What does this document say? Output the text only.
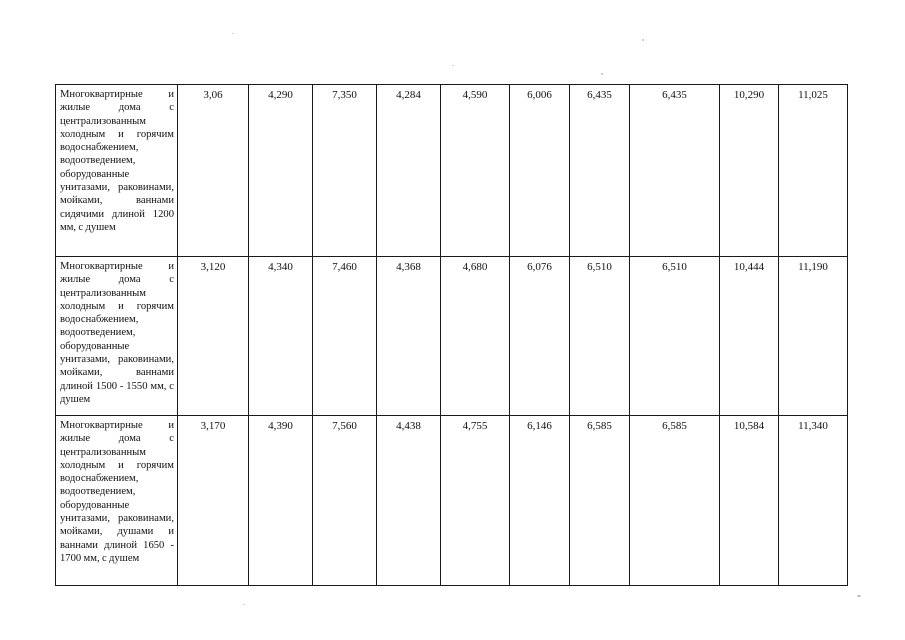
Многоквартирные и жилые дома с централизованным холодным и горячим водоснабжением, водоотведением, оборудованные унитазами, раковинами, мойками, ваннами сидячими длиной 1200 мм, с душем	3,06	4,290	7,350	4,284	4,590	6,006	6,435	6,435	10,290	11,025
Многоквартирные и жилые дома с централизованным холодным и горячим водоснабжением, водоотведением, оборудованные унитазами, раковинами, мойками, ваннами длиной 1500 - 1550 мм, с душем	3,120	4,340	7,460	4,368	4,680	6,076	6,510	6,510	10,444	11,190
Многоквартирные и жилые дома с централизованным холодным и горячим водоснабжением, водоотведением, оборудованные унитазами, раковинами, мойками, душами и ваннами длиной 1650 - 1700 мм, с душем	3,170	4,390	7,560	4,438	4,755	6,146	6,585	6,585	10,584	11,340
